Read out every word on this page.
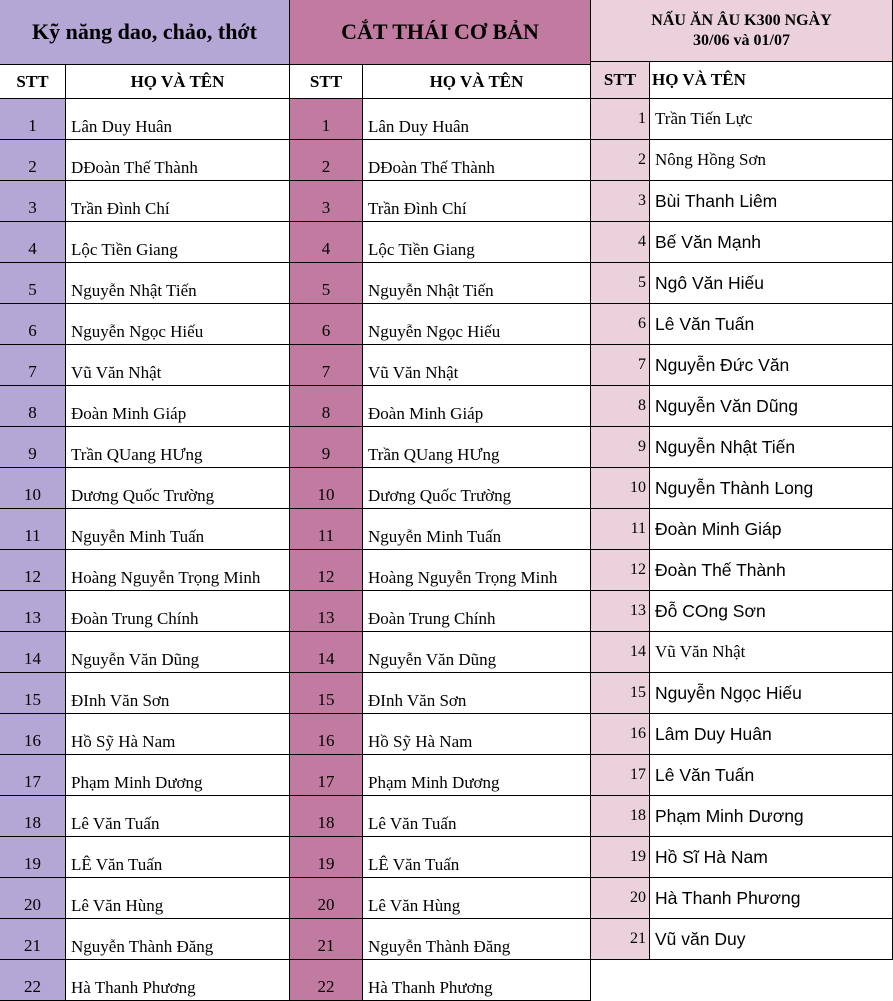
Kỹ năng dao, chảo, thớt
STT	HỌ VÀ TÊN
1	Lân Duy Huân
2	DĐoàn Thế Thành
3	Trần Đình Chí
4	Lộc Tiền Giang
5	Nguyễn Nhật Tiến
6	Nguyễn Ngọc Hiếu
7	Vũ Văn Nhật
8	Đoàn Minh Giáp
9	Trần QUang HƯng
10	Dương Quốc Trường
11	Nguyễn Minh Tuấn
12	Hoàng Nguyễn Trọng Minh
13	Đoàn Trung Chính
14	Nguyễn Văn Dũng
15	ĐInh Văn Sơn
16	Hồ Sỹ Hà Nam
17	Phạm Minh Dương
18	Lê Văn Tuấn
19	LÊ Văn Tuấn
20	Lê Văn Hùng
21	Nguyễn Thành Đăng
22	Hà Thanh Phương
CẮT THÁI CƠ BẢN
STT	HỌ VÀ TÊN
1	Lân Duy Huân
2	DĐoàn Thế Thành
3	Trần Đình Chí
4	Lộc Tiền Giang
5	Nguyễn Nhật Tiến
6	Nguyễn Ngọc Hiếu
7	Vũ Văn Nhật
8	Đoàn Minh Giáp
9	Trần QUang HƯng
10	Dương Quốc Trường
11	Nguyễn Minh Tuấn
12	Hoàng Nguyễn Trọng Minh
13	Đoàn Trung Chính
14	Nguyễn Văn Dũng
15	ĐInh Văn Sơn
16	Hồ Sỹ Hà Nam
17	Phạm Minh Dương
18	Lê Văn Tuấn
19	LÊ Văn Tuấn
20	Lê Văn Hùng
21	Nguyễn Thành Đăng
22	Hà Thanh Phương
NẤU ĂN ÂU K300 NGÀY
30/06 và 01/07
STT HỌ VÀ TÊN
1 Trần Tiến Lực
2 Nông Hồng Sơn
3 Bùi Thanh Liêm
4 Bế Văn Mạnh
5 Ngô Văn Hiếu
6 Lê Văn Tuấn
7 Nguyễn Đức Văn
8 Nguyễn Văn Dũng
9 Nguyễn Nhật Tiến
10 Nguyễn Thành Long
11 Đoàn Minh Giáp
12 Đoàn Thế Thành
13 Đỗ COng Sơn
14 Vũ Văn Nhật
15 Nguyễn Ngọc Hiếu
16 Lâm Duy Huân
17 Lê Văn Tuấn
18 Phạm Minh Dương
19 Hồ Sĩ Hà Nam
20 Hà Thanh Phương
21 Vũ văn Duy
